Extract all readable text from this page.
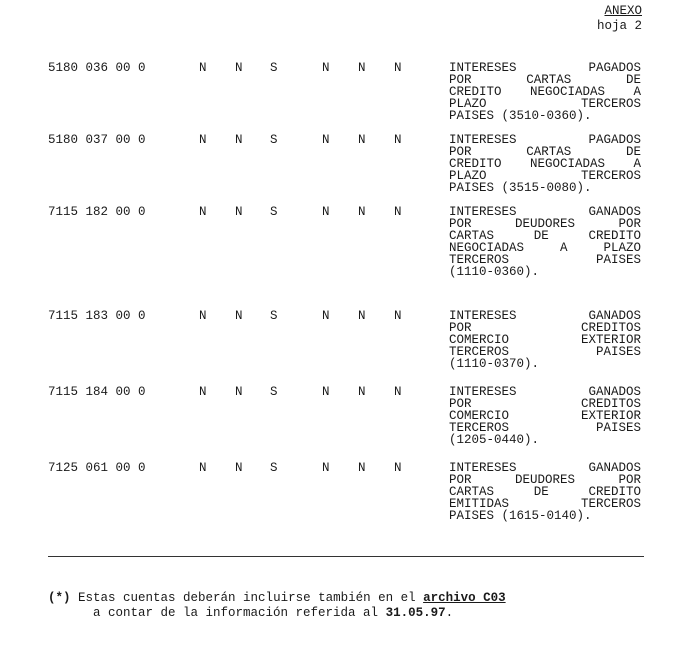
ANEXO
hoja 2
5180 036 00 0	N N S	N N N	INTERESES PAGADOS
POR CARTAS DE
CREDITO NEGOCIADAS A
PLAZO TERCEROS
PAISES (3510-0360).
5180 037 00 0	N N S	N N N	INTERESES PAGADOS
POR CARTAS DE
CREDITO NEGOCIADAS A
PLAZO TERCEROS
PAISES (3515-0080).
7115 182 00 0	N N S	N N N	INTERESES GANADOS
POR DEUDORES POR
CARTAS DE CREDITO
NEGOCIADAS A PLAZO
TERCEROS PAISES
(1110-0360).
7115 183 00 0	N N S	N N N	INTERESES GANADOS
POR CREDITOS
COMERCIO EXTERIOR
TERCEROS PAISES
(1110-0370).
7115 184 00 0	N N S	N N N	INTERESES GANADOS
POR CREDITOS
COMERCIO EXTERIOR
TERCEROS PAISES
(1205-0440).
7125 061 00 0	N N S	N N N	INTERESES GANADOS
POR DEUDORES POR
CARTAS DE CREDITO
EMITIDAS TERCEROS
PAISES (1615-0140).
(*) Estas cuentas deberán incluirse también en el archivo C03
a contar de la información referida al 31.05.97.
